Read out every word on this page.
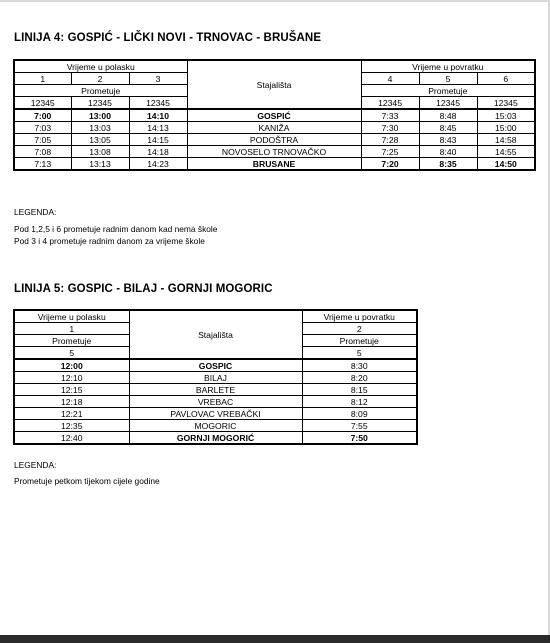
LINIJA 4: GOSPIĆ - LIČKI NOVI - TRNOVAC - BRUŠANE
Vrijeme u polasku			Stajališta	Vrijeme u povratku		
1	2	3		4	5	6
Prometuje				Prometuje		
12345	12345	12345		12345	12345	12345
7:00	13:00	14:10	GOSPIĆ	7:33	8:48	15:03
7:03	13:03	14:13	KANIŽA	7:30	8:45	15:00
7:05	13:05	14:15	PODOŠTRA	7:28	8:43	14:58
7:08	13:08	14:18	NOVOSELO TRNOVAČKO	7:25	8:40	14:55
7:13	13:13	14:23	BRUSANE	7:20	8:35	14:50
LEGENDA:
Pod 1,2,5 i 6 prometuje radnim danom kad nema škole
Pod 3 i 4 prometuje radnim danom za vrijeme škole
LINIJA 5: GOSPIC - BILAJ - GORNJI MOGORIC
Vrijeme u polasku	Stajališta	Vrijeme u povratku
1		2
Prometuje		Prometuje
5		5
12:00	GOSPIC	8:30
12:10	BILAJ	8:20
12:15	BARLETE	8:15
12:18	VREBAC	8:12
12:21	PAVLOVAC VREBAČKI	8:09
12:35	MOGORIC	7:55
12:40	GORNJI MOGORIĆ	7:50
LEGENDA:
Prometuje petkom tijekom cijele godine
